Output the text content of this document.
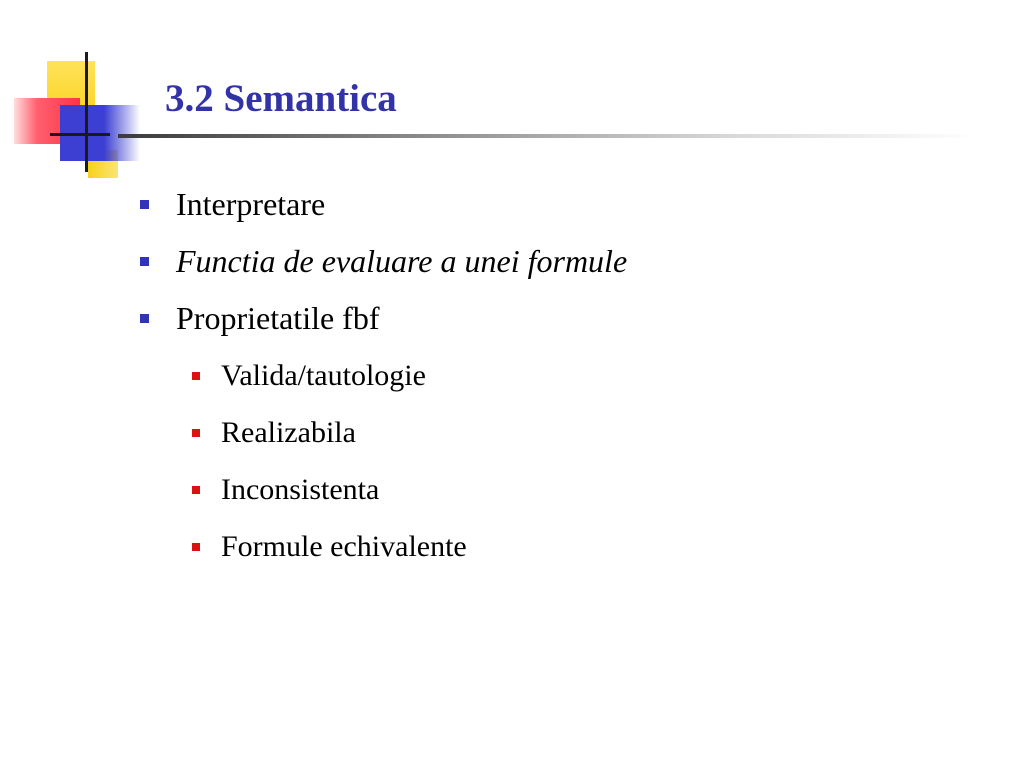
3.2 Semantica
Interpretare
Functia de evaluare a unei formule
Proprietatile fbf
Valida/tautologie
Realizabila
Inconsistenta
Formule echivalente
